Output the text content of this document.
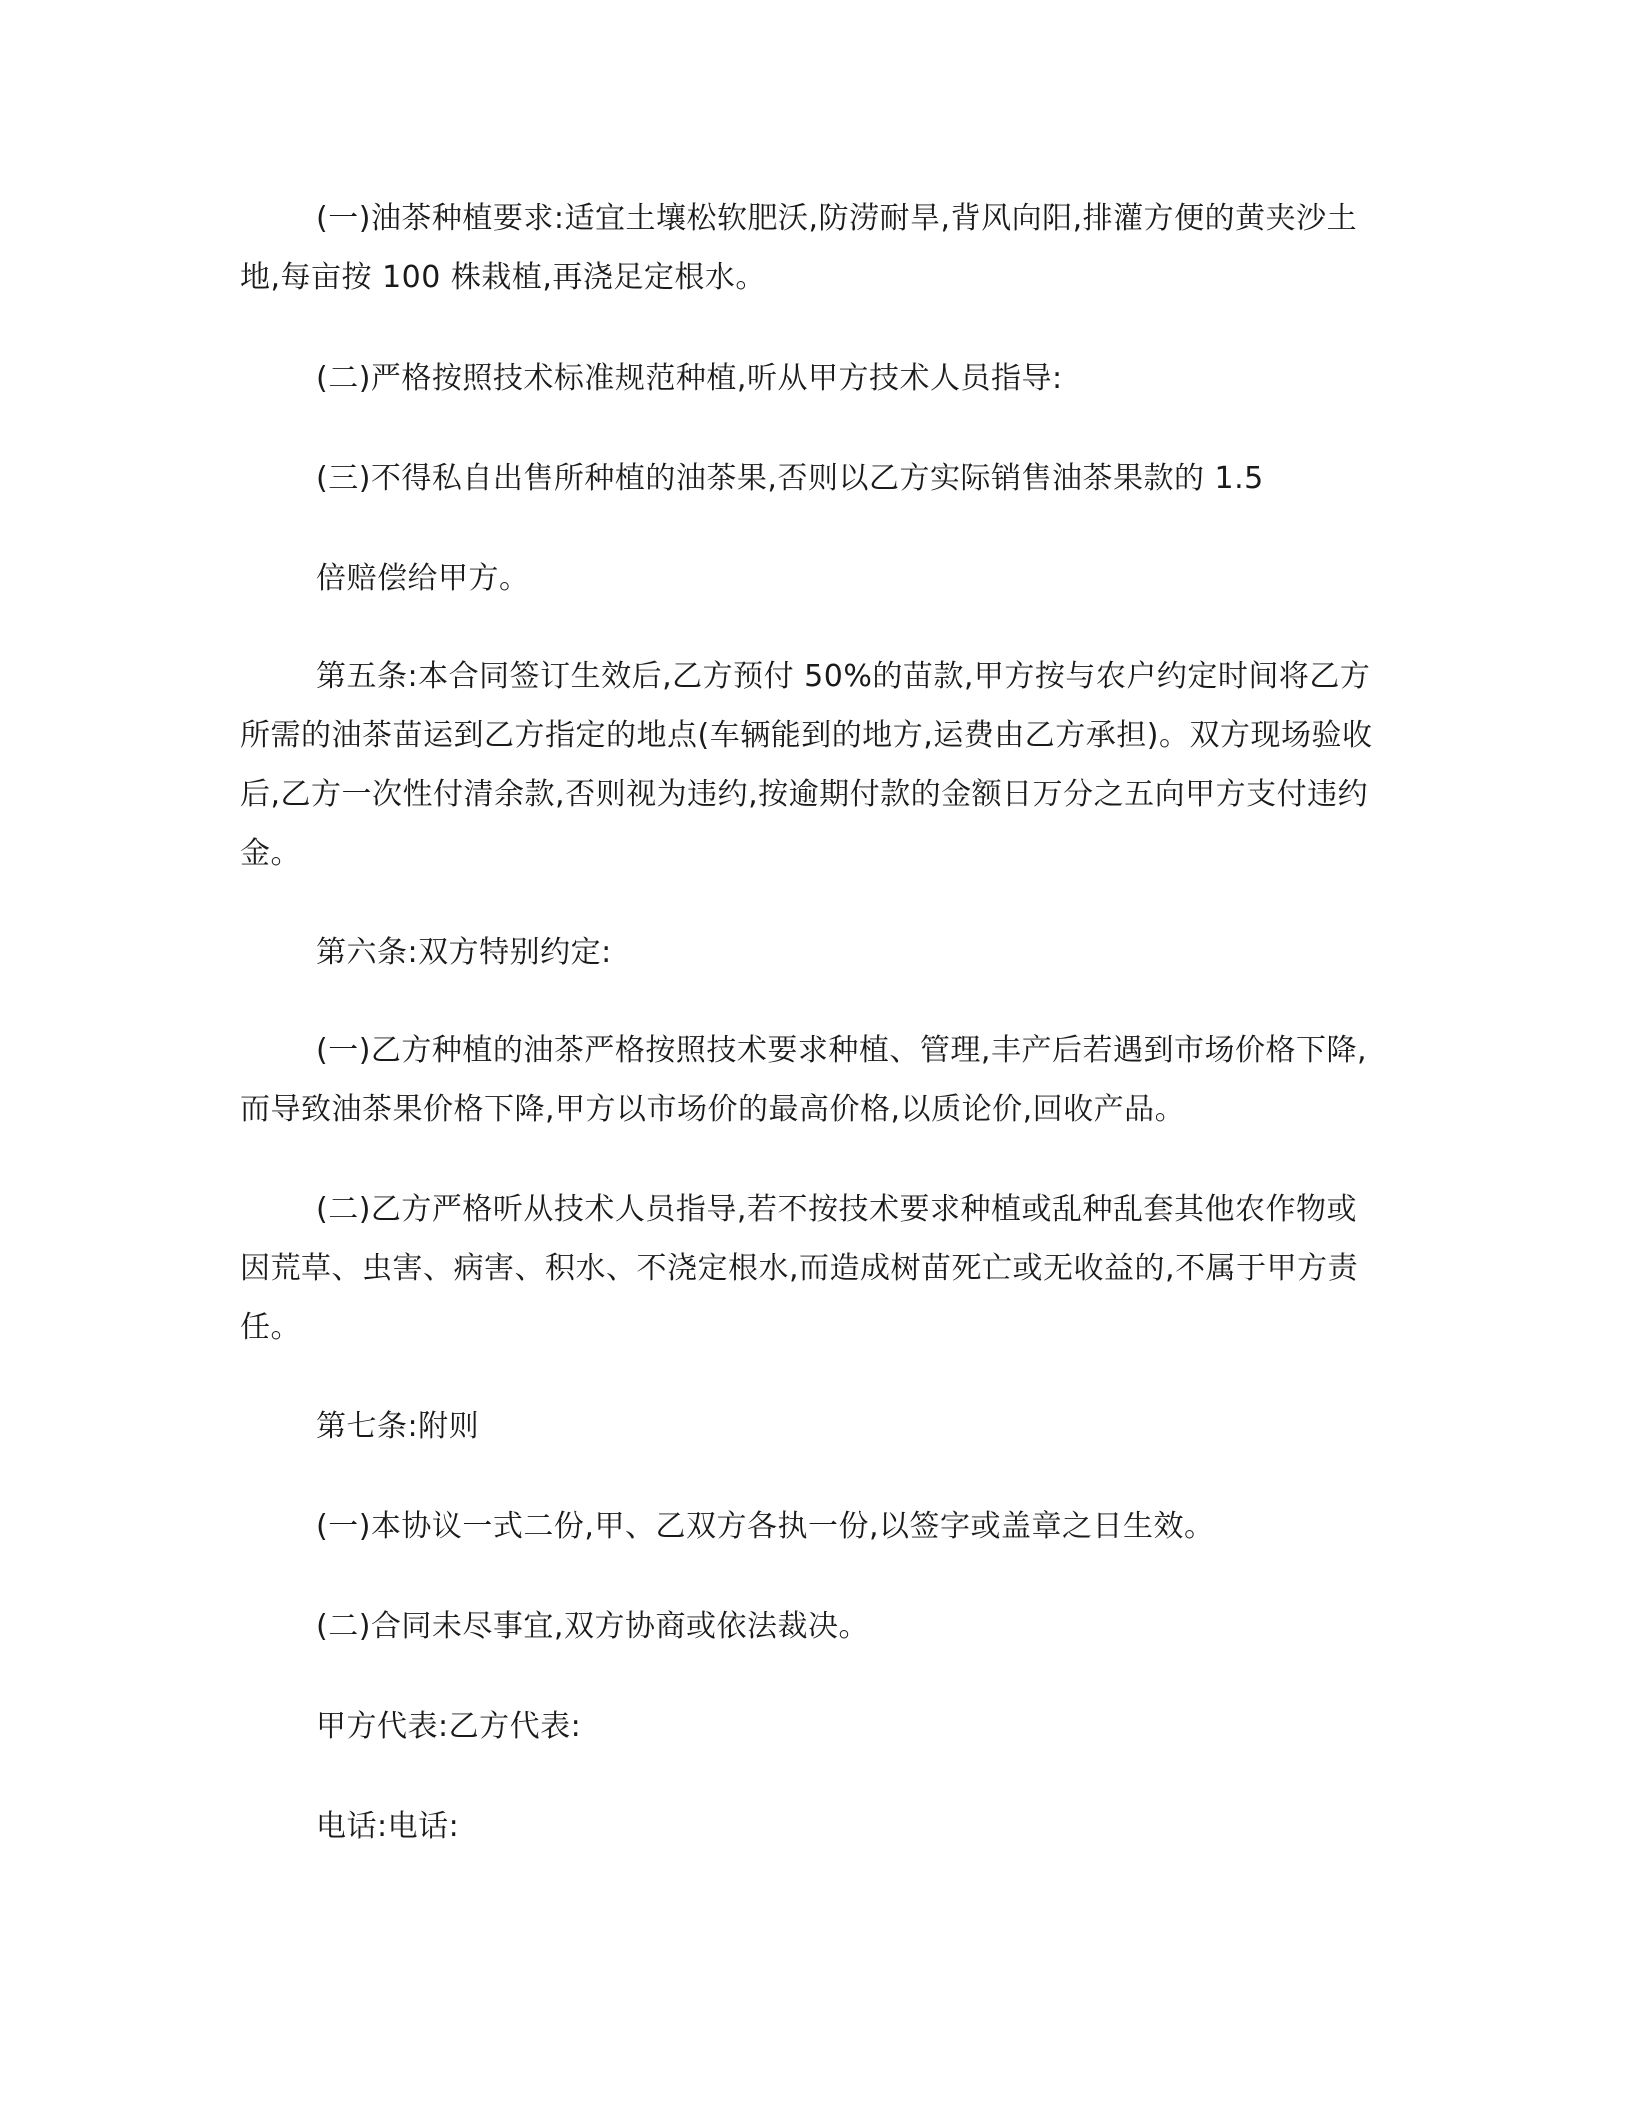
(一)油茶种植要求:适宜土壤松软肥沃,防涝耐旱,背风向阳,排灌方便的黄夹沙土地,每亩按 100 株栽植,再浇足定根水。

(二)严格按照技术标准规范种植,听从甲方技术人员指导:

(三)不得私自出售所种植的油茶果,否则以乙方实际销售油茶果款的 1.5

倍赔偿给甲方。

第五条:本合同签订生效后,乙方预付 50%的苗款,甲方按与农户约定时间将乙方所需的油茶苗运到乙方指定的地点(车辆能到的地方,运费由乙方承担)。双方现场验收后,乙方一次性付清余款,否则视为违约,按逾期付款的金额日万分之五向甲方支付违约金。

第六条:双方特别约定:

(一)乙方种植的油茶严格按照技术要求种植、管理,丰产后若遇到市场价格下降,而导致油茶果价格下降,甲方以市场价的最高价格,以质论价,回收产品。

(二)乙方严格听从技术人员指导,若不按技术要求种植或乱种乱套其他农作物或因荒草、虫害、病害、积水、不浇定根水,而造成树苗死亡或无收益的,不属于甲方责任。

第七条:附则

(一)本协议一式二份,甲、乙双方各执一份,以签字或盖章之日生效。

(二)合同未尽事宜,双方协商或依法裁决。

甲方代表:乙方代表:

电话:电话:
